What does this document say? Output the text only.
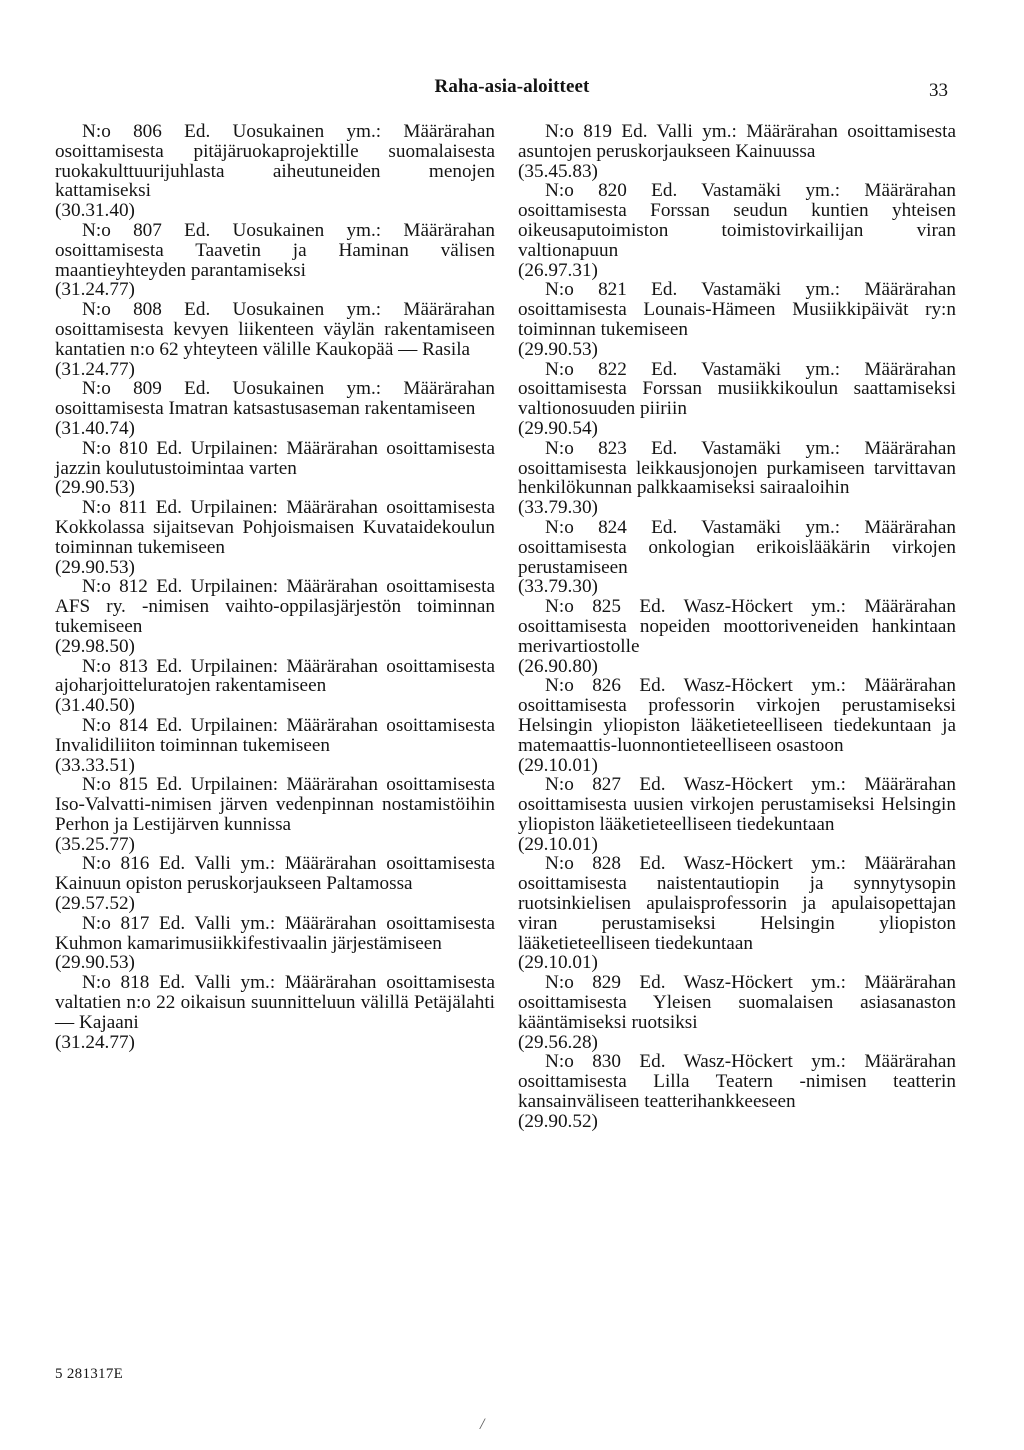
Raha-asia-aloitteet	33

N:o 806 Ed. Uosukainen ym.: Määrärahan osoittamisesta pitäjäruokaprojektille suomalaisesta ruokakulttuurijuhlasta aiheutuneiden menojen kattamiseksi
(30.31.40)

N:o 807 Ed. Uosukainen ym.: Määrärahan osoittamisesta Taavetin ja Haminan välisen maantieyhteyden parantamiseksi
(31.24.77)

N:o 808 Ed. Uosukainen ym.: Määrärahan osoittamisesta kevyen liikenteen väylän rakentamiseen kantatien n:o 62 yhteyteen välille Kaukopää — Rasila
(31.24.77)

N:o 809 Ed. Uosukainen ym.: Määrärahan osoittamisesta Imatran katsastusaseman rakentamiseen
(31.40.74)

N:o 810 Ed. Urpilainen: Määrärahan osoittamisesta jazzin koulutustoimintaa varten
(29.90.53)

N:o 811 Ed. Urpilainen: Määrärahan osoittamisesta Kokkolassa sijaitsevan Pohjoismaisen Kuvataidekoulun toiminnan tukemiseen
(29.90.53)

N:o 812 Ed. Urpilainen: Määrärahan osoittamisesta AFS ry. -nimisen vaihto-oppilasjärjestön toiminnan tukemiseen
(29.98.50)

N:o 813 Ed. Urpilainen: Määrärahan osoittamisesta ajoharjoitteluratojen rakentamiseen
(31.40.50)

N:o 814 Ed. Urpilainen: Määrärahan osoittamisesta Invalidiliiton toiminnan tukemiseen
(33.33.51)

N:o 815 Ed. Urpilainen: Määrärahan osoittamisesta Iso-Valvatti-nimisen järven vedenpinnan nostamistöihin Perhon ja Lestijärven kunnissa
(35.25.77)

N:o 816 Ed. Valli ym.: Määrärahan osoittamisesta Kainuun opiston peruskorjaukseen Paltamossa
(29.57.52)

N:o 817 Ed. Valli ym.: Määrärahan osoittamisesta Kuhmon kamarimusiikkifestivaalin järjestämiseen
(29.90.53)

N:o 818 Ed. Valli ym.: Määrärahan osoittamisesta valtatien n:o 22 oikaisun suunnitteluun välillä Petäjälahti — Kajaani
(31.24.77)

N:o 819 Ed. Valli ym.: Määrärahan osoittamisesta asuntojen peruskorjaukseen Kainuussa
(35.45.83)

N:o 820 Ed. Vastamäki ym.: Määrärahan osoittamisesta Forssan seudun kuntien yhteisen oikeusaputoimiston toimistovirkailijan viran valtionapuun
(26.97.31)

N:o 821 Ed. Vastamäki ym.: Määrärahan osoittamisesta Lounais-Hämeen Musiikkipäivät ry:n toiminnan tukemiseen
(29.90.53)

N:o 822 Ed. Vastamäki ym.: Määrärahan osoittamisesta Forssan musiikkikoulun saattamiseksi valtionosuuden piiriin
(29.90.54)

N:o 823 Ed. Vastamäki ym.: Määrärahan osoittamisesta leikkausjonojen purkamiseen tarvittavan henkilökunnan palkkaamiseksi sairaaloihin
(33.79.30)

N:o 824 Ed. Vastamäki ym.: Määrärahan osoittamisesta onkologian erikoislääkärin virkojen perustamiseen
(33.79.30)

N:o 825 Ed. Wasz-Höckert ym.: Määrärahan osoittamisesta nopeiden moottoriveneiden hankintaan merivartiostolle
(26.90.80)

N:o 826 Ed. Wasz-Höckert ym.: Määrärahan osoittamisesta professorin virkojen perustamiseksi Helsingin yliopiston lääketieteelliseen tiedekuntaan ja matemaattis-luonnontieteelliseen osastoon
(29.10.01)

N:o 827 Ed. Wasz-Höckert ym.: Määrärahan osoittamisesta uusien virkojen perustamiseksi Helsingin yliopiston lääketieteelliseen tiedekuntaan
(29.10.01)

N:o 828 Ed. Wasz-Höckert ym.: Määrärahan osoittamisesta naistentautiopin ja synnytysopin ruotsinkielisen apulaisprofessorin ja apulaisopettajan viran perustamiseksi Helsingin yliopiston lääketieteelliseen tiedekuntaan
(29.10.01)

N:o 829 Ed. Wasz-Höckert ym.: Määrärahan osoittamisesta Yleisen suomalaisen asiasanaston kääntämiseksi ruotsiksi
(29.56.28)

N:o 830 Ed. Wasz-Höckert ym.: Määrärahan osoittamisesta Lilla Teatern -nimisen teatterin kansainväliseen teatterihankkeeseen
(29.90.52)

5 281317E
/
